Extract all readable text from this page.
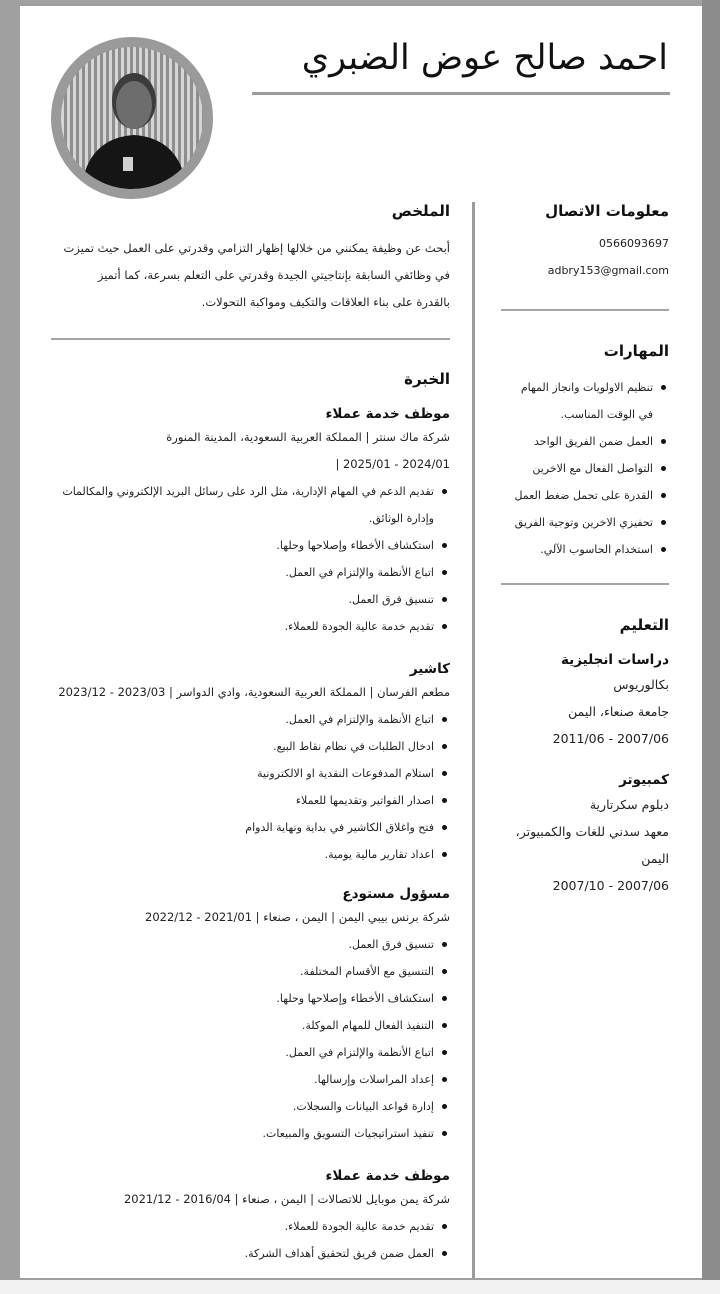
احمد صالح عوض الضبري
معلومات الاتصال
0566093697
adbry153@gmail.com
المهارات
تنظيم الاولويات وانجاز المهام في الوقت المناسب.
العمل ضمن الفريق الواحد
التواصل الفعال مع الاخرين
القدرة على تحمل ضغط العمل
تحفيزي الاخرين وتوجية الفريق
استخدام الحاسوب الآلي.
التعليم
دراسات انجليزية
بكالوريوس
جامعة صنعاء، اليمن
2007/06 - 2011/06
كمبيوتر
دبلوم سكرتارية
معهد سدني للغات والكمبيوتر، اليمن
2007/06 - 2007/10
الملخص
أبحث عن وظيفة يمكنني من خلالها إظهار التزامي وقدرتي على العمل حيث تميزت
في وظائفي السابقة بإنتاجيتي الجيدة وقدرتي على التعلم بسرعة، كما أتميز
بالقدرة على بناء العلاقات والتكيف ومواكبة التحولات.
الخبرة
موظف خدمة عملاء
شركة ماك سنتر | المملكة العربية السعودية، المدينة المنورة
2024/01 - 2025/01 |
تقديم الدعم في المهام الإدارية، مثل الرد على رسائل البريد الإلكتروني والمكالمات وإدارة الوثائق.
استكشاف الأخطاء وإصلاحها وحلها.
اتباع الأنظمة والإلتزام في العمل.
تنسيق فرق العمل.
تقديم خدمة عالية الجودة للعملاء.
كاشير
مطعم الفرسان | المملكة العربية السعودية، وادي الدواسر | 2023/03 - 2023/12
اتباع الأنظمة والإلتزام في العمل.
ادخال الطلبات في نظام نقاط البيع.
استلام المدفوعات النقدية او الالكترونية
اصدار الفواتير وتقديمها للعملاء
فتح واغلاق الكاشير في بداية ونهاية الدوام
اعداد تقارير مالية يومية.
مسؤول مستودع
شركة برنس بيبي اليمن | اليمن ، صنعاء | 2021/01 - 2022/12
تنسيق فرق العمل.
التنسيق مع الأقسام المختلفة.
استكشاف الأخطاء وإصلاحها وحلها.
التنفيذ الفعال للمهام الموكلة.
اتباع الأنظمة والإلتزام في العمل.
إعداد المراسلات وإرسالها.
إدارة قواعد البيانات والسجلات.
تنفيذ استراتيجيات التسويق والمبيعات.
موظف خدمة عملاء
شركة يمن موبايل للاتصالات | اليمن ، صنعاء | 2016/04 - 2021/12
تقديم خدمة عالية الجودة للعملاء.
العمل ضمن فريق لتحقيق أهداف الشركة.
